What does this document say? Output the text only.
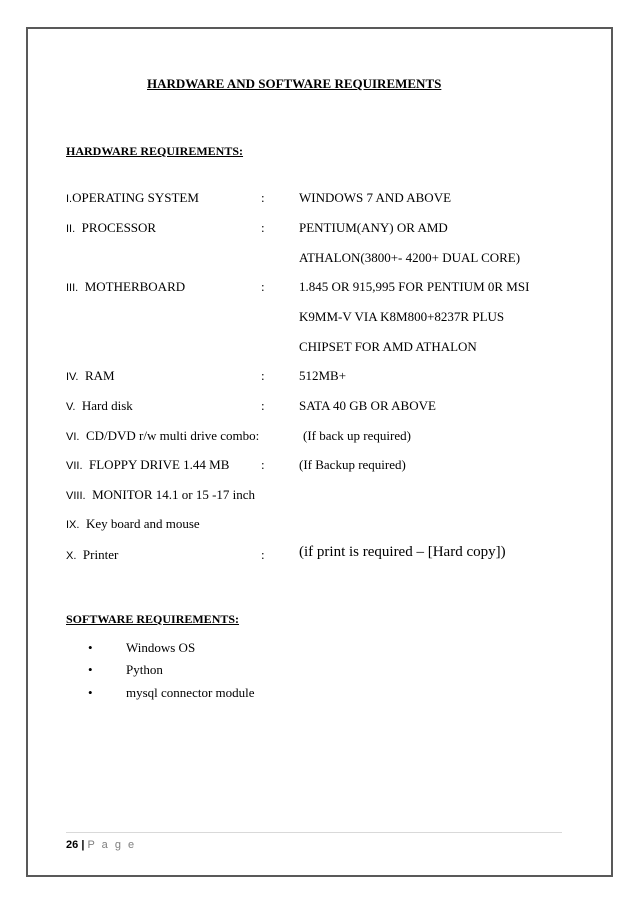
HARDWARE AND SOFTWARE REQUIREMENTS
HARDWARE REQUIREMENTS:
I.OPERATING SYSTEM	:	WINDOWS 7 AND ABOVE
II. PROCESSOR	:	PENTIUM(ANY) OR AMD
ATHALON(3800+- 4200+ DUAL CORE)
III. MOTHERBOARD	:	1.845 OR 915,995 FOR PENTIUM 0R MSI
K9MM-V VIA K8M800+8237R PLUS
CHIPSET FOR AMD ATHALON
IV. RAM	:	512MB+
V. Hard disk	:	SATA 40 GB OR ABOVE
VI. CD/DVD r/w multi drive combo:	(If back up required)
VII. FLOPPY DRIVE 1.44 MB :	(If Backup required)
VIII. MONITOR 14.1 or 15 -17 inch
IX. Key board and mouse
X. Printer	: (if print is required – [Hard copy])
SOFTWARE REQUIREMENTS:
•	Windows OS
•	Python
•	mysql connector module
26 | P a g e
